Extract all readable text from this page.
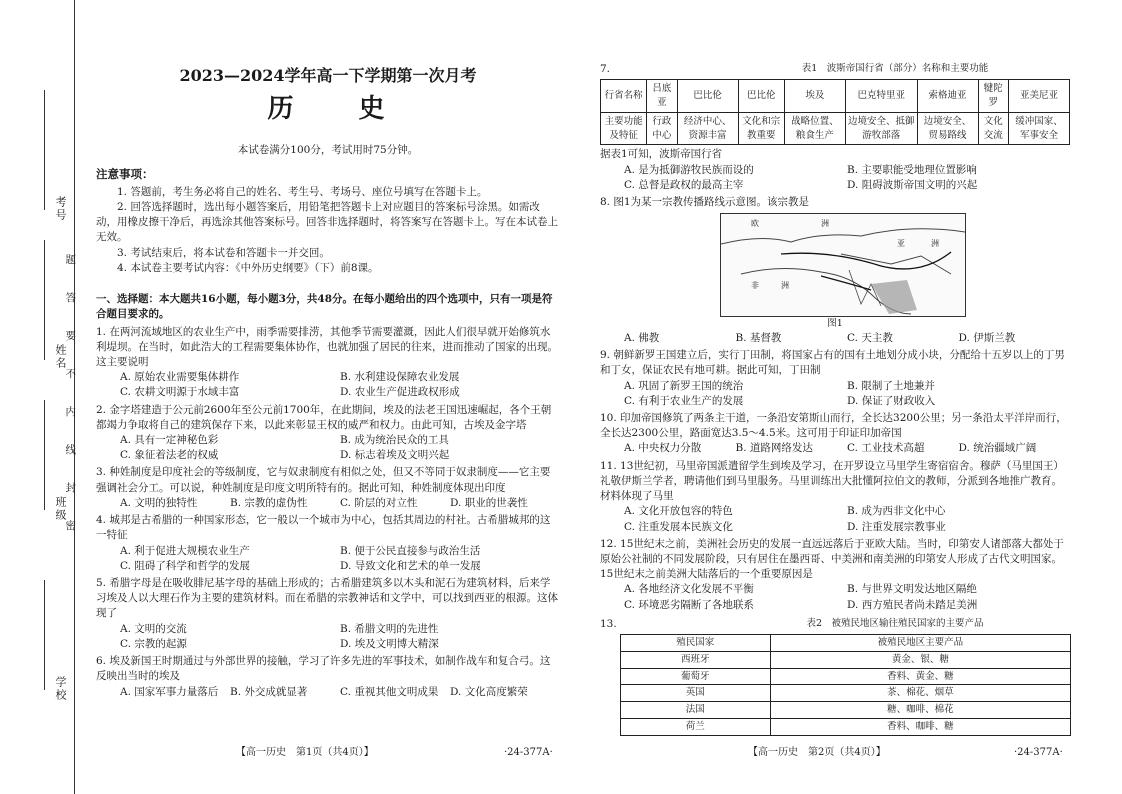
考号
姓名
班级
学校
密
封
线
内
不
要
答
题
2023—2024学年高一下学期第一次月考
历 史
本试卷满分100分，考试用时75分钟。
注意事项：

1. 答题前，考生务必将自己的姓名、考生号、考场号、座位号填写在答题卡上。

2. 回答选择题时，选出每小题答案后，用铅笔把答题卡上对应题目的答案标号涂黑。如需改动，用橡皮擦干净后，再选涂其他答案标号。回答非选择题时，将答案写在答题卡上。写在本试卷上无效。

3. 考试结束后，将本试卷和答题卡一并交回。

4. 本试卷主要考试内容：《中外历史纲要》（下）前8课。

一、选择题：本大题共16小题，每小题3分，共48分。在每小题给出的四个选项中，只有一项是符合题目要求的。
1. 在两河流域地区的农业生产中，雨季需要排涝，其他季节需要灌溉，因此人们很早就开始修筑水利堤坝。在当时，如此浩大的工程需要集体协作，也就加强了居民的往来，进而推动了国家的出现。这主要说明
A. 原始农业需要集体耕作	B. 水利建设保障农业发展
C. 农耕文明源于水域丰富	D. 农业生产促进政权形成
2. 金字塔建造于公元前2600年至公元前1700年，在此期间，埃及的法老王国迅速崛起，各个王朝都竭力争取将自己的建筑保存下来，以此来彰显王权的威严和权力。由此可知，古埃及金字塔
A. 具有一定神秘色彩	B. 成为统治民众的工具
C. 象征着法老的权威	D. 标志着埃及文明兴起
3. 种姓制度是印度社会的等级制度，它与奴隶制度有相似之处，但又不等同于奴隶制度——它主要强调社会分工。可以说，种姓制度是印度文明所特有的。据此可知，种姓制度体现出印度
A. 文明的独特性	B. 宗教的虚伪性	C. 阶层的对立性	D. 职业的世袭性
4. 城邦是古希腊的一种国家形态，它一般以一个城市为中心，包括其周边的村社。古希腊城邦的这一特征
A. 利于促进大规模农业生产	B. 便于公民直接参与政治生活
C. 阻碍了科学和哲学的发展	D. 导致文化和艺术的单一发展
5. 希腊字母是在吸收腓尼基字母的基础上形成的；古希腊建筑多以木头和泥石为建筑材料，后来学习埃及人以大理石作为主要的建筑材料。而在希腊的宗教神话和文学中，可以找到西亚的根源。这体现了
A. 文明的交流	B. 希腊文明的先进性
C. 宗教的起源	D. 埃及文明博大精深
6. 埃及新国王时期通过与外部世界的接触，学习了许多先进的军事技术，如制作战车和复合弓。这反映出当时的埃及
A. 国家军事力量落后	B. 外交成就显著	C. 重视其他文明成果	D. 文化高度繁荣
【高一历史　第1页（共4页）】	·24-377A·
7.	表1　波斯帝国行省（部分）名称和主要功能
行省名称	吕底亚	巴比伦	巴比伦	埃及	巴克特里亚	索格迪亚	犍陀罗	亚美尼亚
主要功能及特征	行政中心	经济中心、资源丰富	文化和宗教重要	战略位置、粮食生产	边境安全、抵御游牧部落	边境安全、贸易路线	文化交流	缓冲国家、军事安全
据表1可知，波斯帝国行省
A. 是为抵御游牧民族而设的	B. 主要职能受地理位置影响
C. 总督是政权的最高主宰	D. 阻碍波斯帝国文明的兴起
8. 图1为某一宗教传播路线示意图。该宗教是
欧	洲
非	洲
亚	洲
图1
A. 佛教	B. 基督教	C. 天主教	D. 伊斯兰教
9. 朝鲜新罗王国建立后，实行丁田制，将国家占有的国有土地划分成小块，分配给十五岁以上的丁男和丁女，保证农民有地可耕。据此可知，丁田制
A. 巩固了新罗王国的统治	B. 限制了土地兼并
C. 有利于农业生产的发展	D. 保证了财政收入
10. 印加帝国修筑了两条主干道，一条沿安第斯山而行，全长达3200公里；另一条沿太平洋岸而行，全长达2300公里，路面宽达3.5～4.5米。这可用于印证印加帝国
A. 中央权力分散	B. 道路网络发达	C. 工业技术高超	D. 统治疆域广阔
11. 13世纪初，马里帝国派遣留学生到埃及学习，在开罗设立马里学生寄宿宿舍。穆萨（马里国王）礼敬伊斯兰学者，聘请他们到马里服务。马里训练出大批懂阿拉伯文的教师，分派到各地推广教育。材料体现了马里
A. 文化开放包容的特色	B. 成为西非文化中心
C. 注重发展本民族文化	D. 注重发展宗教事业
12. 15世纪末之前，美洲社会历史的发展一直远远落后于亚欧大陆。当时，印第安人诸部落大都处于原始公社制的不同发展阶段，只有居住在墨西哥、中美洲和南美洲的印第安人形成了古代文明国家。15世纪末之前美洲大陆落后的一个重要原因是
A. 各地经济文化发展不平衡	B. 与世界文明发达地区隔绝
C. 环境恶劣隔断了各地联系	D. 西方殖民者尚未踏足美洲
13.	表2　被殖民地区输往殖民国家的主要产品
殖民国家	被殖民地区主要产品
西班牙	黄金、银、糖
葡萄牙	香料、黄金、糖
英国	茶、棉花、烟草
法国	糖、咖啡、棉花
荷兰	香料、咖啡、糖
【高一历史　第2页（共4页）】	·24-377A·
